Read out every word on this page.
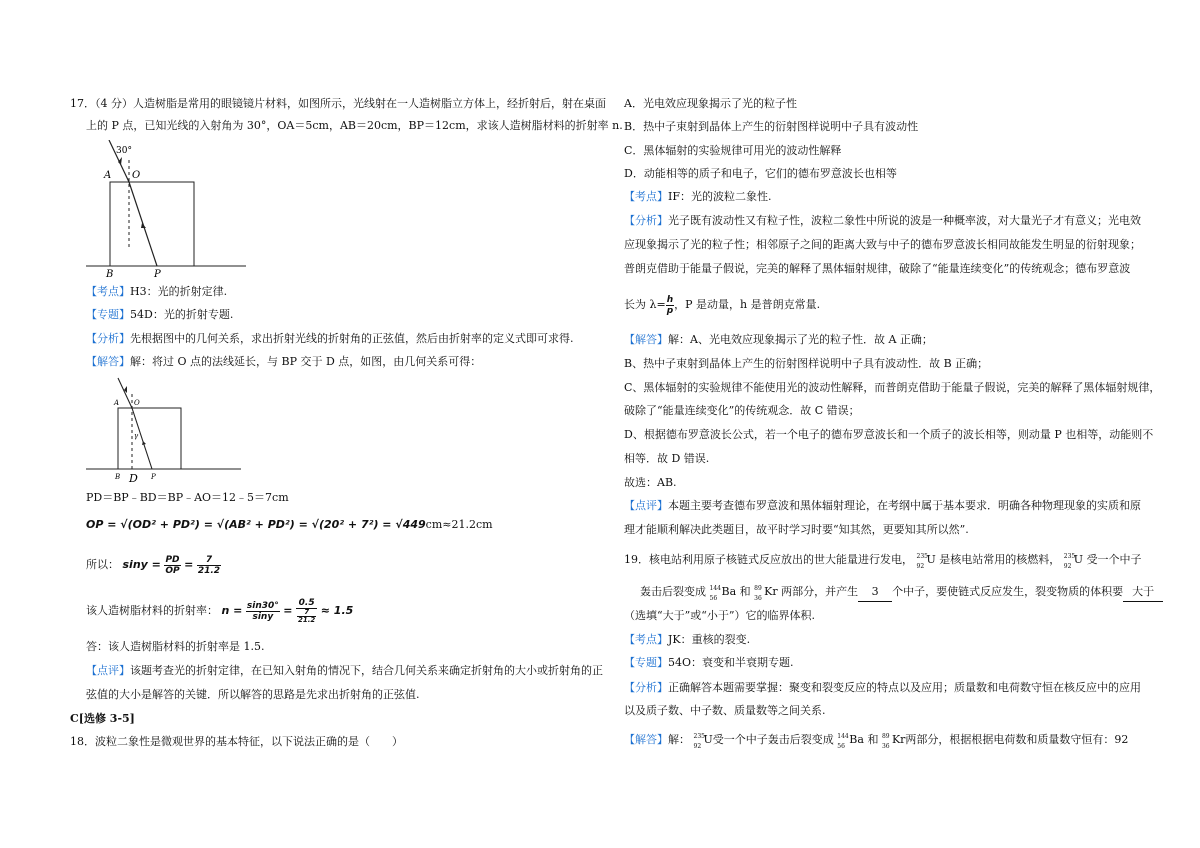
17．（4 分）人造树脂是常用的眼镜镜片材料，如图所示，光线射在一人造树脂立方体上，经折射后，射在桌面
上的 P 点，已知光线的入射角为 30°，OA＝5cm，AB＝20cm，BP＝12cm，求该人造树脂材料的折射率 n.
30°
A O
B	P
【考点】H3：光的折射定律.
【专题】54D：光的折射专题.
【分析】先根据图中的几何关系，求出折射光线的折射角的正弦值，然后由折射率的定义式即可求得.
【解答】解：将过 O 点的法线延长，与 BP 交于 D 点，如图，由几何关系可得：
A O
γ
B D P
PD＝BP﹣BD＝BP﹣AO＝12﹣5＝7cm
OP = √(OD² + PD²) = √(AB² + PD²) = √(20² + 7²) = √449cm≈21.2cm
所以： $\sin y = \frac{PD}{OP} = \frac{7}{21.2}$
该人造树脂材料的折射率： $n = \frac{\sin 30^\circ}{\sin y} = \frac{0.5}{\frac{7}{21.2}} \approx 1.5$
答：该人造树脂材料的折射率是 1.5.
【点评】该题考查光的折射定律，在已知入射角的情况下，结合几何关系来确定折射角的大小或折射角的正
弦值的大小是解答的关键．所以解答的思路是先求出折射角的正弦值.
C[选修 3-5]
18．波粒二象性是微观世界的基本特征，以下说法正确的是（　　）
A．光电效应现象揭示了光的粒子性
B．热中子束射到晶体上产生的衍射图样说明中子具有波动性
C．黑体辐射的实验规律可用光的波动性解释
D．动能相等的质子和电子，它们的德布罗意波长也相等
【考点】IF：光的波粒二象性.
【分析】光子既有波动性又有粒子性，波粒二象性中所说的波是一种概率波，对大量光子才有意义；光电效
应现象揭示了光的粒子性；相邻原子之间的距离大致与中子的德布罗意波长相同故能发生明显的衍射现象；
普朗克借助于能量子假说，完美的解释了黑体辐射规律，破除了“能量连续变化”的传统观念；德布罗意波
长为 $\lambda= \frac{h}{p}$ ，P 是动量，h 是普朗克常量.
【解答】解：A、光电效应现象揭示了光的粒子性．故 A 正确；
B、热中子束射到晶体上产生的衍射图样说明中子具有波动性．故 B 正确；
C、黑体辐射的实验规律不能使用光的波动性解释，而普朗克借助于能量子假说，完美的解释了黑体辐射规律，
破除了“能量连续变化”的传统观念．故 C 错误；
D、根据德布罗意波长公式，若一个电子的德布罗意波长和一个质子的波长相等，则动量 P 也相等，动能则不
相等．故 D 错误.
故选：AB.
【点评】本题主要考查德布罗意波和黑体辐射理论，在考纲中属于基本要求．明确各种物理现象的实质和原
理才能顺利解决此类题目，故平时学习时要“知其然，更要知其所以然”.
19．核电站利用原子核链式反应放出的世大能量进行发电， 235
92
U 是核电站常用的核燃料， 235
92
U 受一个中子
轰击后裂变成 144
56
Ba 和 89
36
Kr 两部分，并产生 3 个中子，要使链式反应发生，裂变物质的体积要 大于
（选填“大于”或“小于”）它的临界体积.
【考点】JK：重核的裂变.
【专题】54O：衰变和半衰期专题.
【分析】正确解答本题需要掌握：聚变和裂变反应的特点以及应用；质量数和电荷数守恒在核反应中的应用
以及质子数、中子数、质量数等之间关系.
【解答】解： 235
92
U受一个中子轰击后裂变成 144
56
Ba 和 89
36
Kr两部分，根据根据电荷数和质量数守恒有：92
